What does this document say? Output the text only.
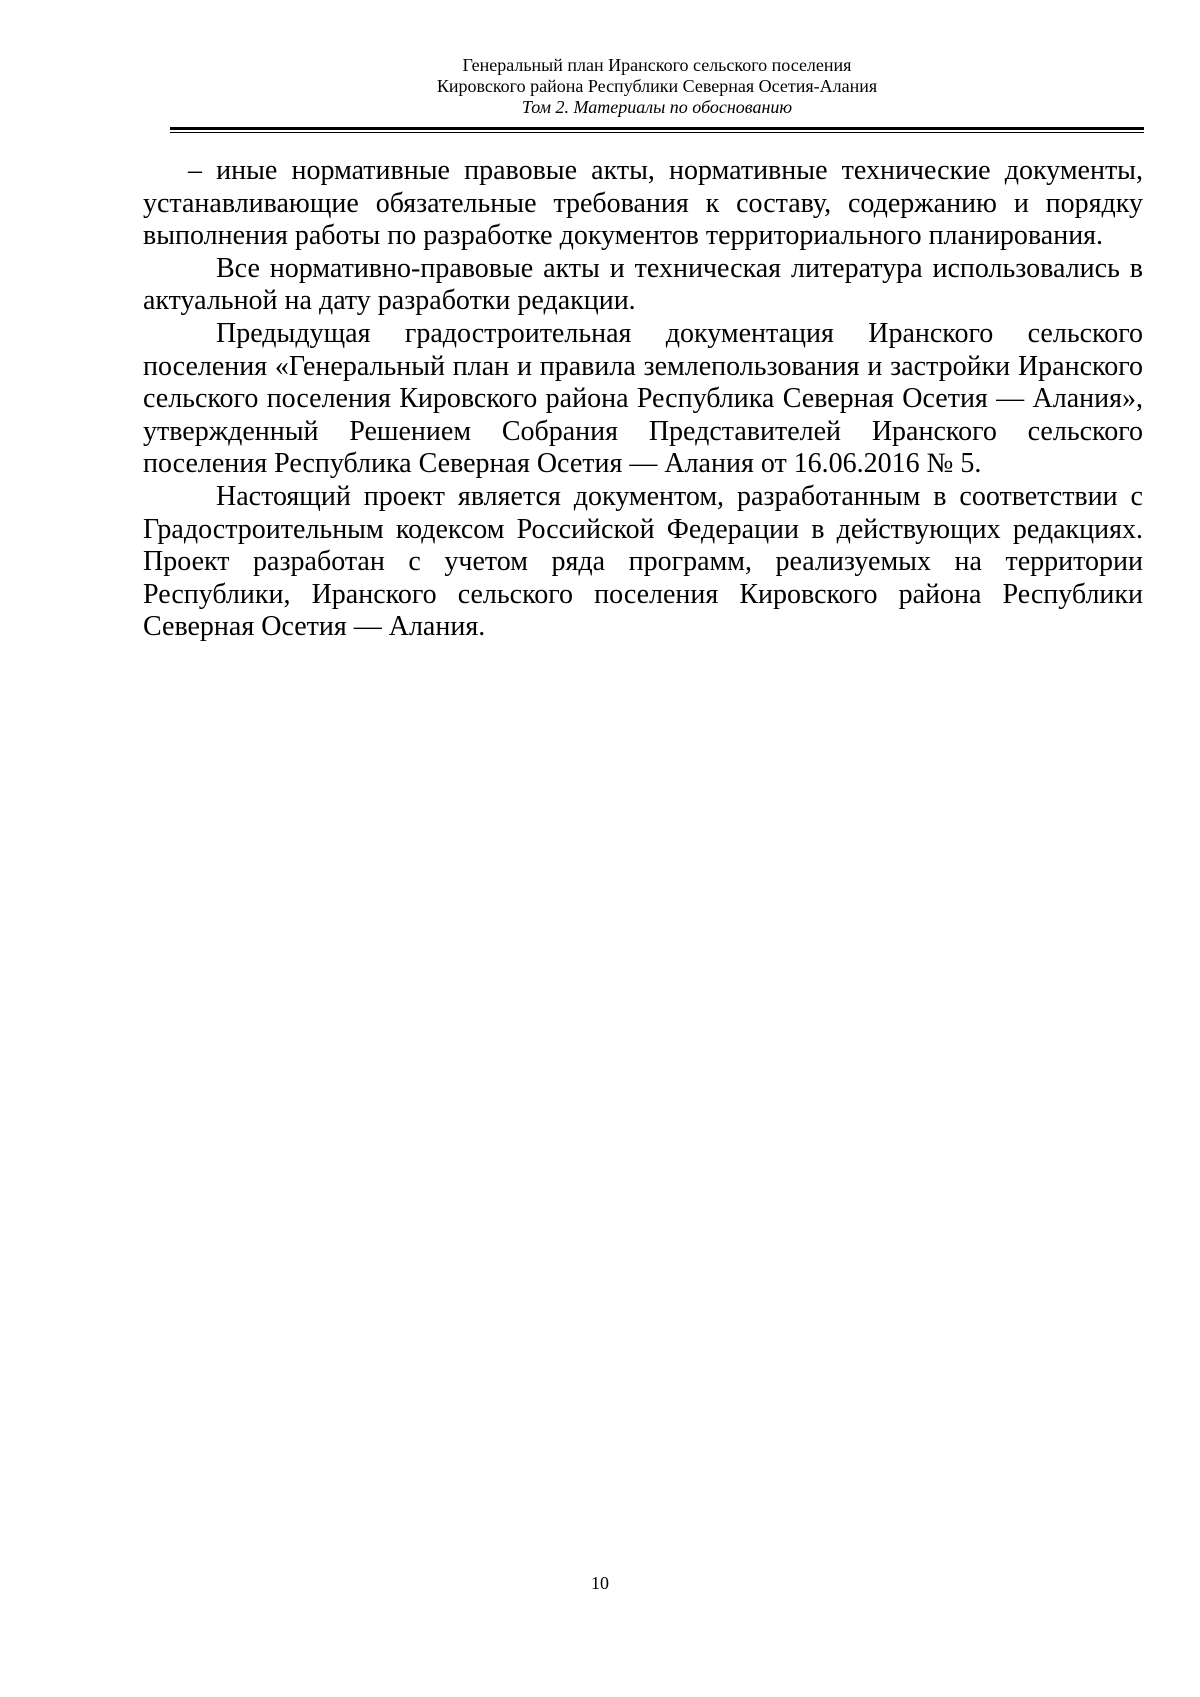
Генеральный план Иранского сельского поселения
Кировского района Республики Северная Осетия-Алания
Том 2. Материалы по обоснованию

– иные нормативные правовые акты, нормативные технические документы, устанавливающие обязательные требования к составу, содержанию и порядку выполнения работы по разработке документов территориального планирования.

Все нормативно-правовые акты и техническая литература использовались в актуальной на дату разработки редакции.

Предыдущая градостроительная документация Иранского сельского поселения «Генеральный план и правила землепользования и застройки Иранского сельского поселения Кировского района Республика Северная Осетия — Алания», утвержденный Решением Собрания Представителей Иранского сельского поселения Республика Северная Осетия — Алания от 16.06.2016 № 5.

Настоящий проект является документом, разработанным в соответствии с Градостроительным кодексом Российской Федерации в действующих редакциях. Проект разработан с учетом ряда программ, реализуемых на территории Республики, Иранского сельского поселения Кировского района Республики Северная Осетия — Алания.

10
